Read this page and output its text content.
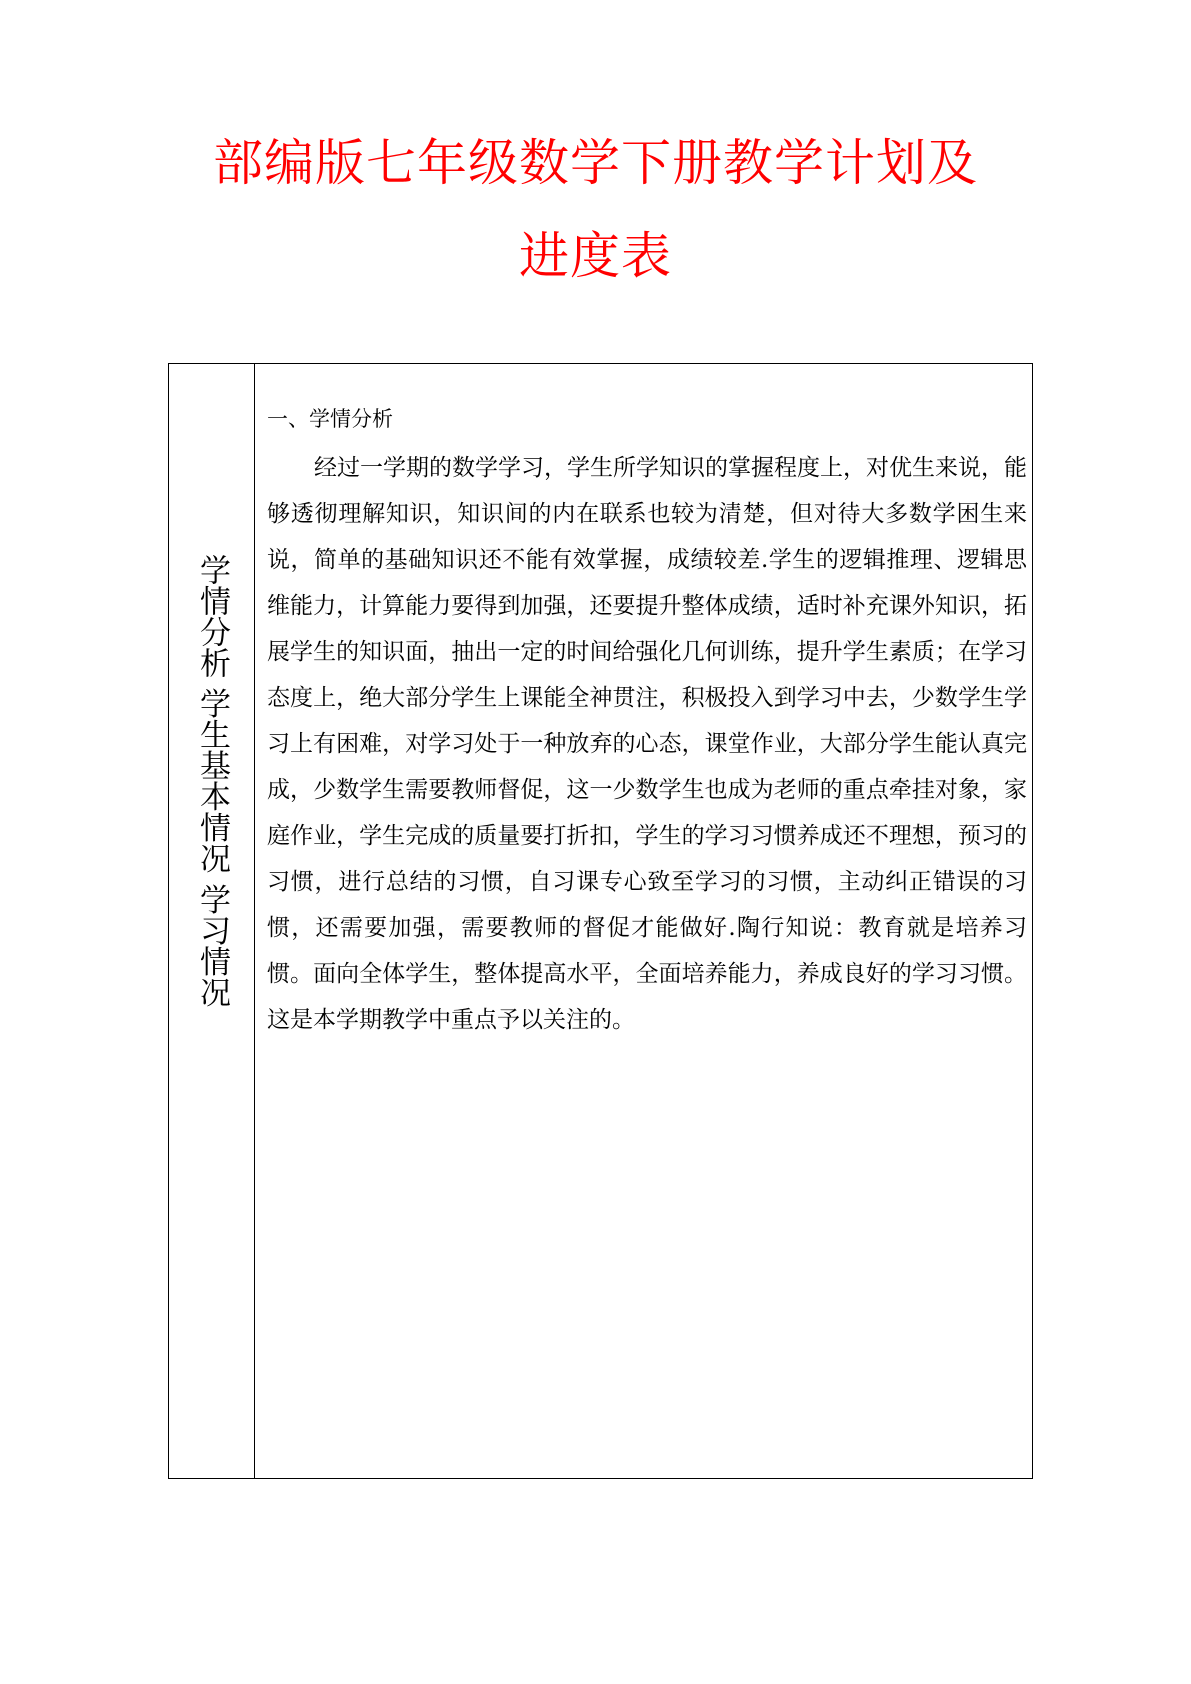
部编版七年级数学下册教学计划及
进度表
学情分析 学生基本情况 学习情况
一、学情分析

经过一学期的数学学习，学生所学知识的掌握程度上，对优生来说，能够透彻理解知识，知识间的内在联系也较为清楚，但对待大多数学困生来说，简单的基础知识还不能有效掌握，成绩较差.学生的逻辑推理、逻辑思维能力，计算能力要得到加强，还要提升整体成绩，适时补充课外知识，拓展学生的知识面，抽出一定的时间给强化几何训练，提升学生素质；在学习态度上，绝大部分学生上课能全神贯注，积极投入到学习中去，少数学生学习上有困难，对学习处于一种放弃的心态，课堂作业，大部分学生能认真完成，少数学生需要教师督促，这一少数学生也成为老师的重点牵挂对象，家庭作业，学生完成的质量要打折扣，学生的学习习惯养成还不理想，预习的习惯，进行总结的习惯，自习课专心致至学习的习惯，主动纠正错误的习惯，还需要加强，需要教师的督促才能做好.陶行知说：教育就是培养习惯。面向全体学生，整体提高水平，全面培养能力，养成良好的学习习惯。这是本学期教学中重点予以关注的。
